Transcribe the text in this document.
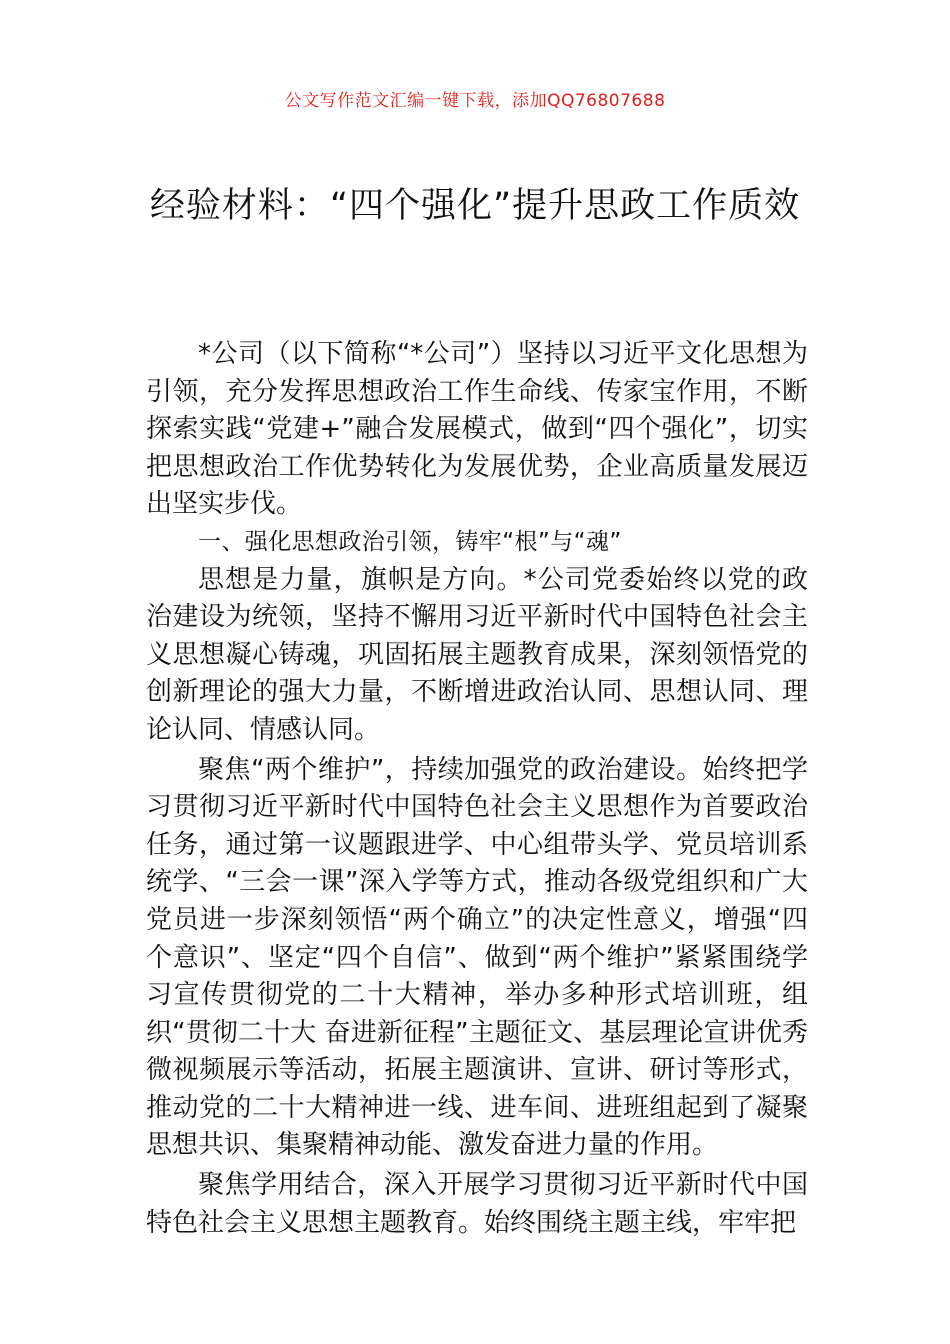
公文写作范文汇编一键下载，添加QQ76807688
经验材料：“四个强化”提升思政工作质效

*公司（以下简称“*公司”）坚持以习近平文化思想为引领，充分发挥思想政治工作生命线、传家宝作用，不断探索实践“党建+”融合发展模式，做到“四个强化”，切实把思想政治工作优势转化为发展优势，企业高质量发展迈出坚实步伐。

一、强化思想政治引领，铸牢“根”与“魂”

思想是力量，旗帜是方向。*公司党委始终以党的政治建设为统领，坚持不懈用习近平新时代中国特色社会主义思想凝心铸魂，巩固拓展主题教育成果，深刻领悟党的创新理论的强大力量，不断增进政治认同、思想认同、理论认同、情感认同。

聚焦“两个维护”，持续加强党的政治建设。始终把学习贯彻习近平新时代中国特色社会主义思想作为首要政治任务，通过第一议题跟进学、中心组带头学、党员培训系统学、“三会一课”深入学等方式，推动各级党组织和广大党员进一步深刻领悟“两个确立”的决定性意义，增强“四个意识”、坚定“四个自信”、做到“两个维护”紧紧围绕学习宣传贯彻党的二十大精神，举办多种形式培训班，组织“贯彻二十大 奋进新征程”主题征文、基层理论宣讲优秀微视频展示等活动，拓展主题演讲、宣讲、研讨等形式，推动党的二十大精神进一线、进车间、进班组起到了凝聚思想共识、集聚精神动能、激发奋进力量的作用。

聚焦学用结合，深入开展学习贯彻习近平新时代中国特色社会主义思想主题教育。始终围绕主题主线，牢牢把
